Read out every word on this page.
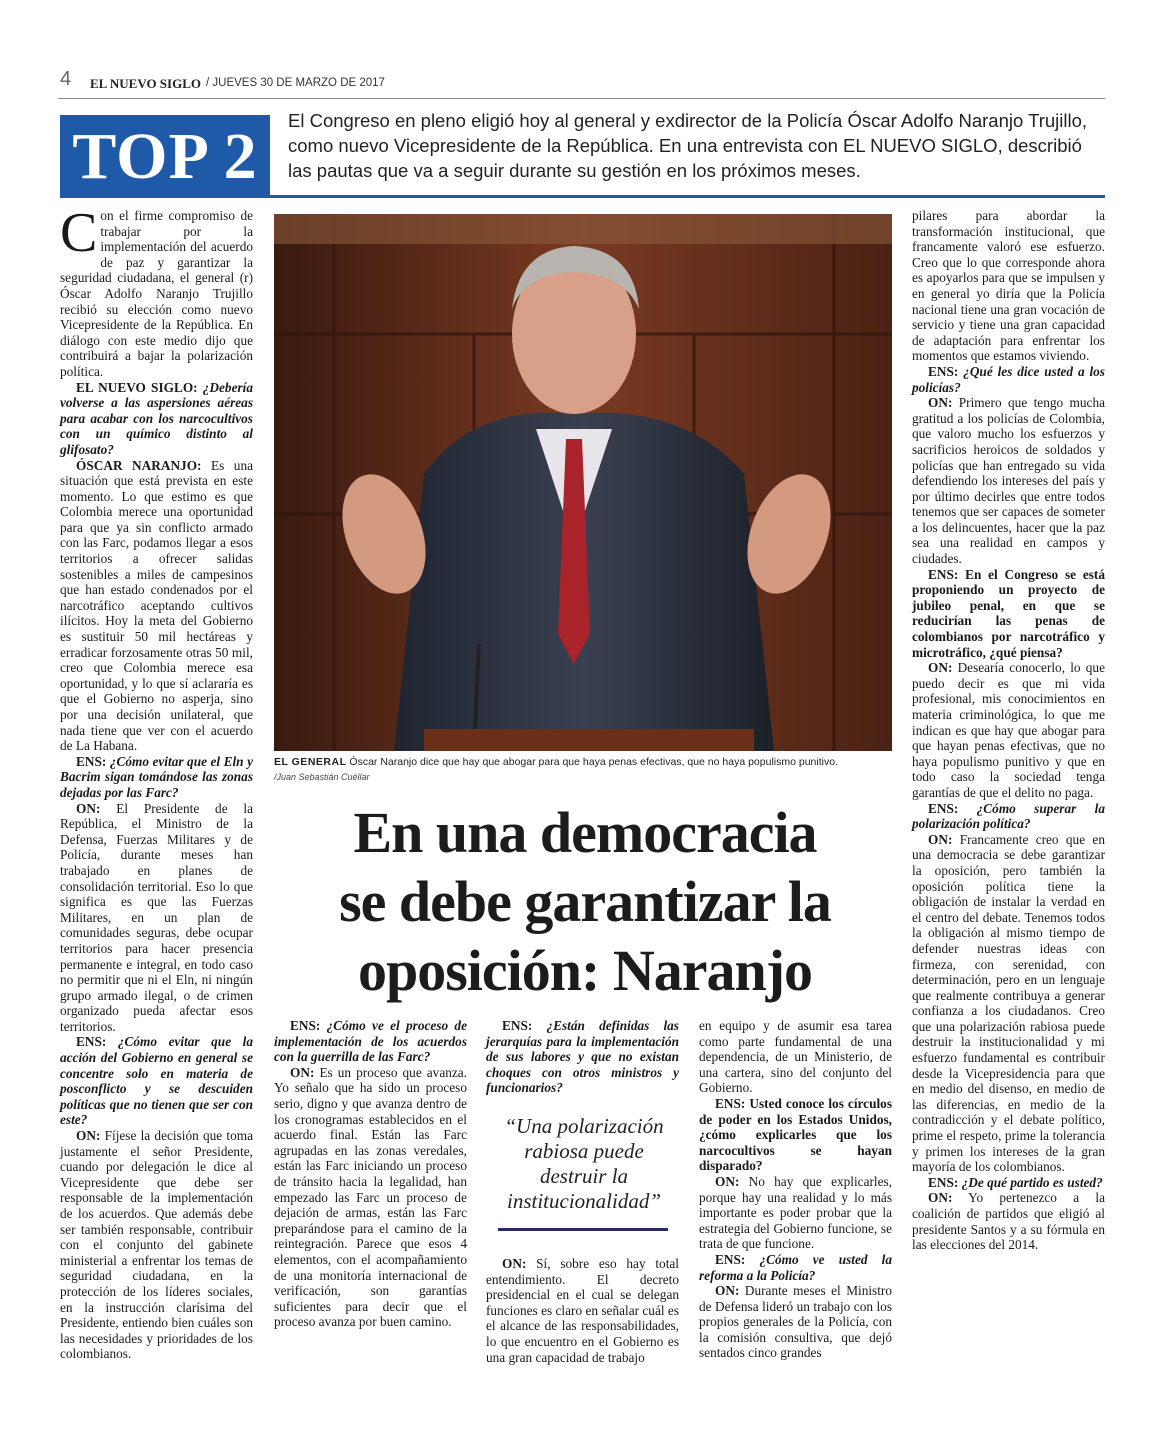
4 EL NUEVO SIGLO / JUEVES 30 DE MARZO DE 2017
TOP 2	El Congreso en pleno eligió hoy al general y exdirector de la Policía Óscar Adolfo Naranjo Trujillo, como nuevo Vicepresidente de la República. En una entrevista con EL NUEVO SIGLO, describió las pautas que va a seguir durante su gestión en los próximos meses.

Con el firme compromiso de trabajar por la implementación del acuerdo de paz y garantizar la seguridad ciudadana, el general (r) Óscar Adolfo Naranjo Trujillo recibió su elección como nuevo Vicepresidente de la República. En diálogo con este medio dijo que contribuirá a bajar la polarización política.

EL NUEVO SIGLO: ¿Debería volverse a las aspersiones aéreas para acabar con los narcocultivos con un químico distinto al glifosato?

ÓSCAR NARANJO: Es una situación que está prevista en este momento. Lo que estimo es que Colombia merece una oportunidad para que ya sin conflicto armado con las Farc, podamos llegar a esos territorios a ofrecer salidas sostenibles a miles de campesinos que han estado condenados por el narcotráfico aceptando cultivos ilícitos. Hoy la meta del Gobierno es sustituir 50 mil hectáreas y erradicar forzosamente otras 50 mil, creo que Colombia merece esa oportunidad, y lo que sí aclararía es que el Gobierno no asperja, sino por una decisión unilateral, que nada tiene que ver con el acuerdo de La Habana.

ENS: ¿Cómo evitar que el Eln y Bacrim sigan tomándose las zonas dejadas por las Farc?

ON: El Presidente de la República, el Ministro de la Defensa, Fuerzas Militares y de Policía, durante meses han trabajado en planes de consolidación territorial. Eso lo que significa es que las Fuerzas Militares, en un plan de comunidades seguras, debe ocupar territorios para hacer presencia permanente e integral, en todo caso no permitir que ni el Eln, ni ningún grupo armado ilegal, o de crimen organizado pueda afectar esos territorios.

ENS: ¿Cómo evitar que la acción del Gobierno en general se concentre solo en materia de posconflicto y se descuiden políticas que no tienen que ser con este?

ON: Fíjese la decisión que toma justamente el señor Presidente, cuando por delegación le dice al Vicepresidente que debe ser responsable de la implementación de los acuerdos. Que además debe ser también responsable, contribuir con el conjunto del gabinete ministerial a enfrentar los temas de seguridad ciudadana, en la protección de los líderes sociales, en la instrucción clarísima del Presidente, entiendo bien cuáles son las necesidades y prioridades de los colombianos.

EL GENERAL Óscar Naranjo dice que hay que abogar para que haya penas efectivas, que no haya populismo punitivo.
/Juan Sebastián Cuéllar
En una democracia
se debe garantizar la
oposición: Naranjo

ENS: ¿Cómo ve el proceso de implementación de los acuerdos con la guerrilla de las Farc?

ON: Es un proceso que avanza. Yo señalo que ha sido un proceso serio, digno y que avanza dentro de los cronogramas establecidos en el acuerdo final. Están las Farc agrupadas en las zonas veredales, están las Farc iniciando un proceso de tránsito hacia la legalidad, han empezado las Farc un proceso de dejación de armas, están las Farc preparándose para el camino de la reintegración. Parece que esos 4 elementos, con el acompañamiento de una monitoría internacional de verificación, son garantías suficientes para decir que el proceso avanza por buen camino.

ENS: ¿Están definidas las jerarquías para la implementación de sus labores y que no existan choques con otros ministros y funcionarios?

“Una polarización rabiosa puede destruir la institucionalidad”

ON: Sí, sobre eso hay total entendimiento. El decreto presidencial en el cual se delegan funciones es claro en señalar cuál es el alcance de las responsabilidades, lo que encuentro en el Gobierno es una gran capacidad de trabajo

en equipo y de asumir esa tarea como parte fundamental de una dependencia, de un Ministerio, de una cartera, sino del conjunto del Gobierno.

ENS: Usted conoce los círculos de poder en los Estados Unidos, ¿cómo explicarles que los narcocultivos se hayan disparado?

ON: No hay que explicarles, porque hay una realidad y lo más importante es poder probar que la estrategia del Gobierno funcione, se trata de que funcione.

ENS: ¿Cómo ve usted la reforma a la Policía?

ON: Durante meses el Ministro de Defensa lideró un trabajo con los propios generales de la Policía, con la comisión consultiva, que dejó sentados cinco grandes

pilares para abordar la transformación institucional, que francamente valoró ese esfuerzo. Creo que lo que corresponde ahora es apoyarlos para que se impulsen y en general yo diría que la Policía nacional tiene una gran vocación de servicio y tiene una gran capacidad de adaptación para enfrentar los momentos que estamos viviendo.

ENS: ¿Qué les dice usted a los policías?

ON: Primero que tengo mucha gratitud a los policías de Colombia, que valoro mucho los esfuerzos y sacrificios heroicos de soldados y policías que han entregado su vida defendiendo los intereses del país y por último decirles que entre todos tenemos que ser capaces de someter a los delincuentes, hacer que la paz sea una realidad en campos y ciudades.

ENS: En el Congreso se está proponiendo un proyecto de jubileo penal, en que se reducirían las penas de colombianos por narcotráfico y microtráfico, ¿qué piensa?

ON: Desearía conocerlo, lo que puedo decir es que mi vida profesional, mis conocimientos en materia criminológica, lo que me indican es que hay que abogar para que hayan penas efectivas, que no haya populismo punitivo y que en todo caso la sociedad tenga garantías de que el delito no paga.

ENS: ¿Cómo superar la polarización política?

ON: Francamente creo que en una democracia se debe garantizar la oposición, pero también la oposición política tiene la obligación de instalar la verdad en el centro del debate. Tenemos todos la obligación al mismo tiempo de defender nuestras ideas con firmeza, con serenidad, con determinación, pero en un lenguaje que realmente contribuya a generar confianza a los ciudadanos. Creo que una polarización rabiosa puede destruir la institucionalidad y mi esfuerzo fundamental es contribuir desde la Vicepresidencia para que en medio del disenso, en medio de las diferencias, en medio de la contradicción y el debate político, prime el respeto, prime la tolerancia y primen los intereses de la gran mayoría de los colombianos.

ENS: ¿De qué partido es usted?

ON: Yo pertenezco a la coalición de partidos que eligió al presidente Santos y a su fórmula en las elecciones del 2014.
